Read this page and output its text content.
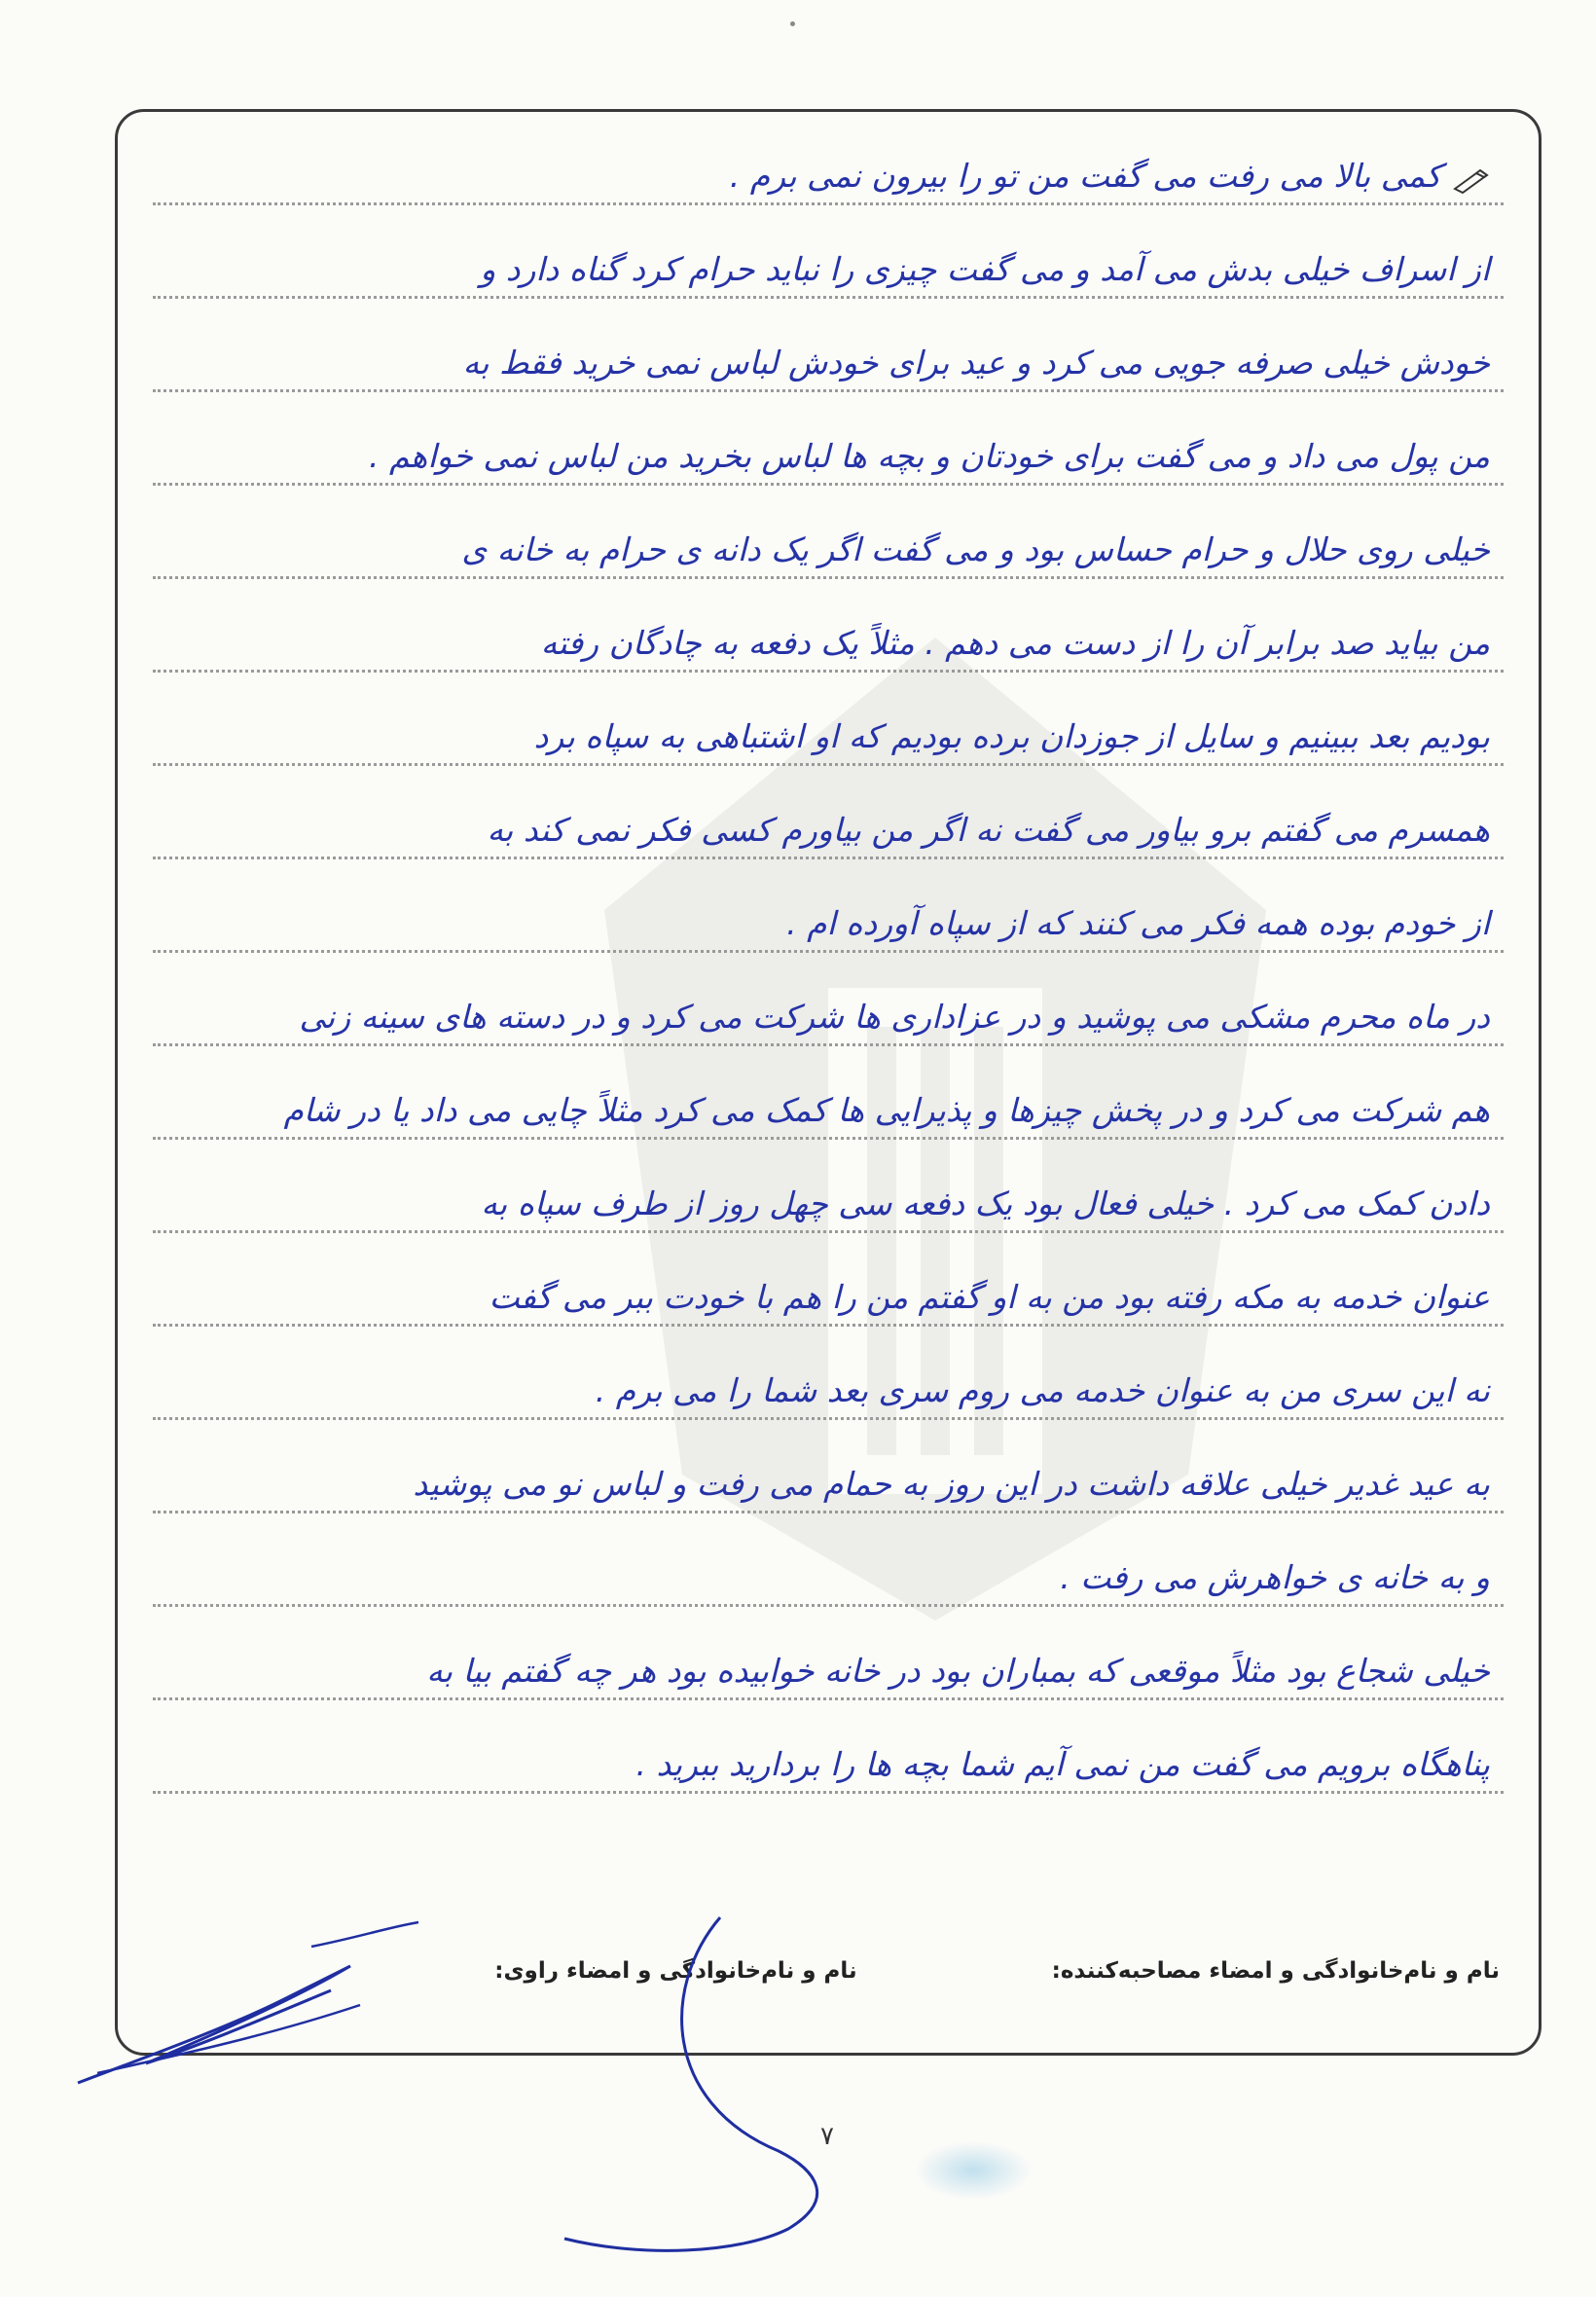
کمی بالا می رفت می گفت من تو را بیرون نمی برم .
از اسراف خیلی بدش می آمد و می گفت چیزی را نباید حرام کرد گناه دارد و
خودش خیلی صرفه جویی می کرد و عید برای خودش لباس نمی خرید فقط به
من پول می داد و می گفت برای خودتان و بچه ها لباس بخرید من لباس نمی خواهم .
خیلی روی حلال و حرام حساس بود و می گفت اگر یک دانه ی حرام به خانه ی
من بیاید صد برابر آن را از دست می دهم . مثلاً یک دفعه به چادگان رفته
بودیم بعد ببینیم و سایل از جوزدان برده بودیم که او اشتباهی به سپاه برد
همسرم می گفتم برو بیاور می گفت نه اگر من بیاورم کسی فکر نمی کند به
از خودم بوده همه فکر می کنند که از سپاه آورده ام .
در ماه محرم مشکی می پوشید و در عزاداری ها شرکت می کرد و در دسته های سینه زنی
هم شرکت می کرد و در پخش چیزها و پذیرایی ها کمک می کرد مثلاً چایی می داد یا در شام
دادن کمک می کرد . خیلی فعال بود یک دفعه سی چهل روز از طرف سپاه به
عنوان خدمه به مکه رفته بود من به او گفتم من را هم با خودت ببر می گفت
نه این سری من به عنوان خدمه می روم سری بعد شما را می برم .
به عید غدیر خیلی علاقه داشت در این روز به حمام می رفت و لباس نو می پوشید
و به خانه ی خواهرش می رفت .
خیلی شجاع بود مثلاً موقعی که بمباران بود در خانه خوابیده بود هر چه گفتم بیا به
پناهگاه برویم می گفت من نمی آیم شما بچه ها را بردارید ببرید .
نام و نام‌خانوادگی و امضاء مصاحبه‌کننده:
نام و نام‌خانوادگی و امضاء راوی:
۷
